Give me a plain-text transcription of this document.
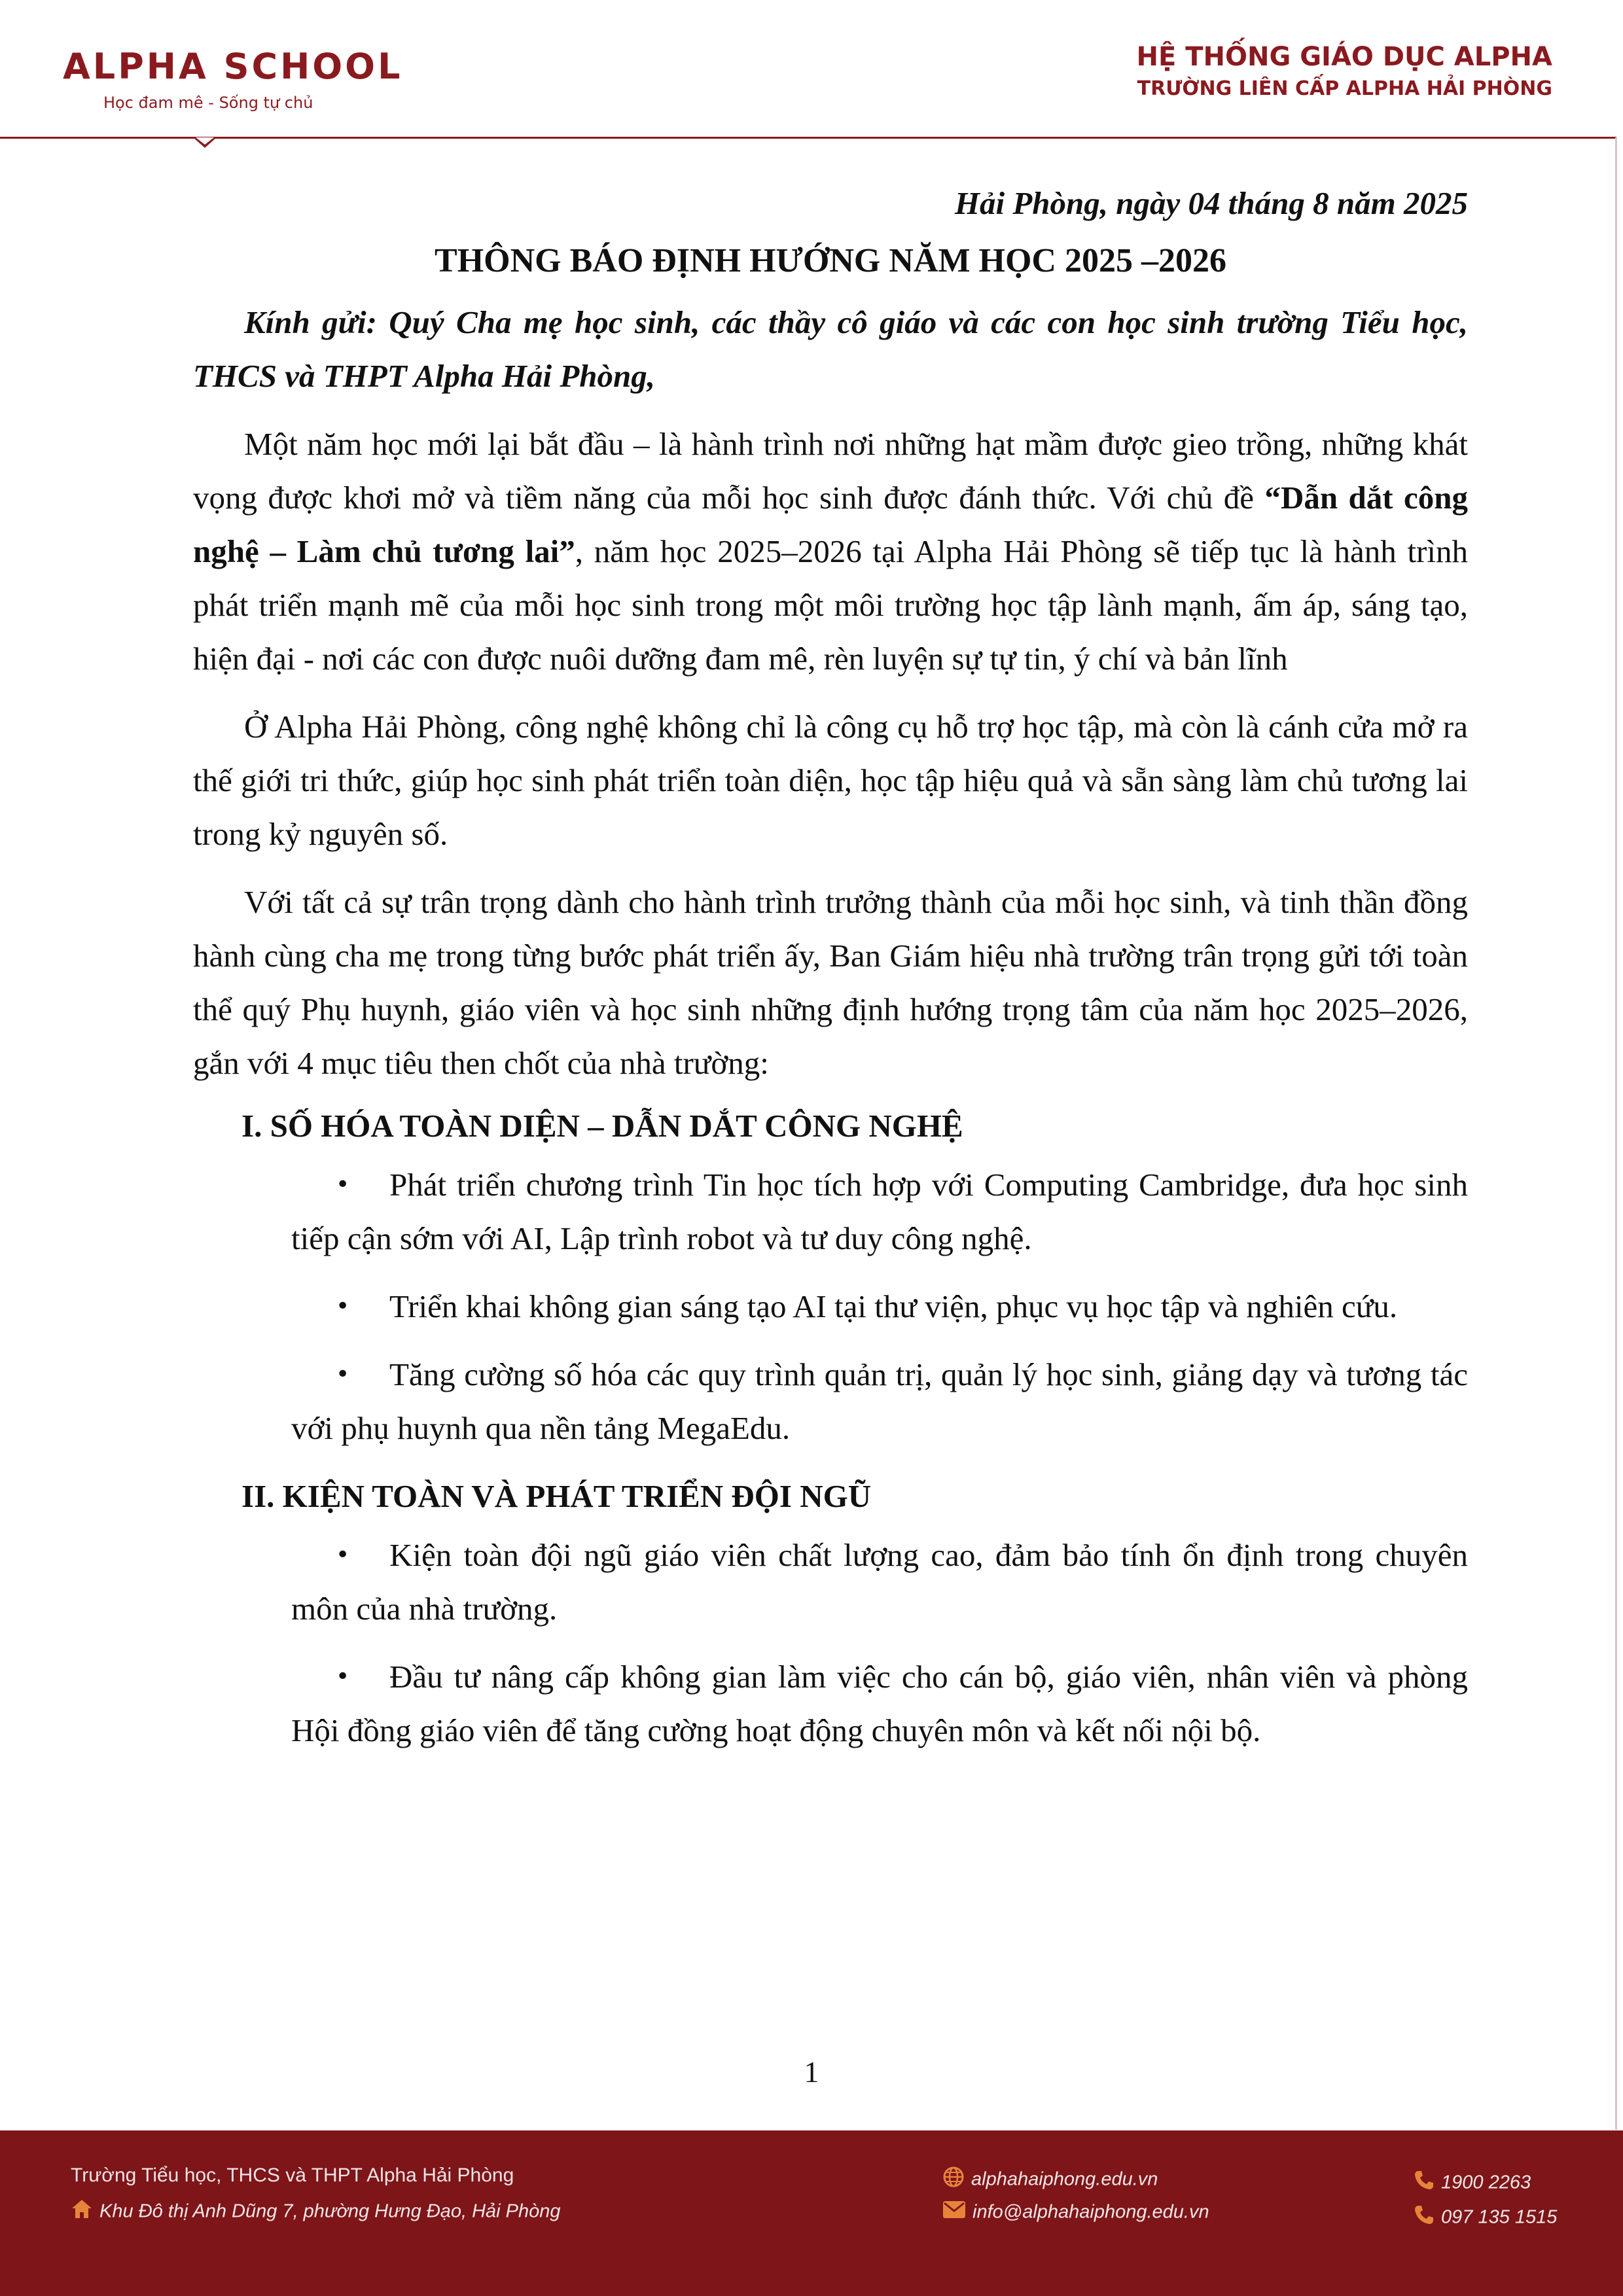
ALPHA SCHOOL
Học đam mê - Sống tự chủ
HỆ THỐNG GIÁO DỤC ALPHA
TRƯỜNG LIÊN CẤP ALPHA HẢI PHÒNG
Hải Phòng, ngày 04 tháng 8 năm 2025
THÔNG BÁO ĐỊNH HƯỚNG NĂM HỌC 2025 –2026
Kính gửi: Quý Cha mẹ học sinh, các thầy cô giáo và các con học sinh trường Tiểu học, THCS và THPT Alpha Hải Phòng,

Một năm học mới lại bắt đầu – là hành trình nơi những hạt mầm được gieo trồng, những khát vọng được khơi mở và tiềm năng của mỗi học sinh được đánh thức. Với chủ đề “Dẫn dắt công nghệ – Làm chủ tương lai”, năm học 2025–2026 tại Alpha Hải Phòng sẽ tiếp tục là hành trình phát triển mạnh mẽ của mỗi học sinh trong một môi trường học tập lành mạnh, ấm áp, sáng tạo, hiện đại - nơi các con được nuôi dưỡng đam mê, rèn luyện sự tự tin, ý chí và bản lĩnh

Ở Alpha Hải Phòng, công nghệ không chỉ là công cụ hỗ trợ học tập, mà còn là cánh cửa mở ra thế giới tri thức, giúp học sinh phát triển toàn diện, học tập hiệu quả và sẵn sàng làm chủ tương lai trong kỷ nguyên số.

Với tất cả sự trân trọng dành cho hành trình trưởng thành của mỗi học sinh, và tinh thần đồng hành cùng cha mẹ trong từng bước phát triển ấy, Ban Giám hiệu nhà trường trân trọng gửi tới toàn thể quý Phụ huynh, giáo viên và học sinh những định hướng trọng tâm của năm học 2025–2026, gắn với 4 mục tiêu then chốt của nhà trường:

I. SỐ HÓA TOÀN DIỆN – DẪN DẮT CÔNG NGHỆ
• Phát triển chương trình Tin học tích hợp với Computing Cambridge, đưa học sinh tiếp cận sớm với AI, Lập trình robot và tư duy công nghệ.
• Triển khai không gian sáng tạo AI tại thư viện, phục vụ học tập và nghiên cứu.
• Tăng cường số hóa các quy trình quản trị, quản lý học sinh, giảng dạy và tương tác với phụ huynh qua nền tảng MegaEdu.
II. KIỆN TOÀN VÀ PHÁT TRIỂN ĐỘI NGŨ
• Kiện toàn đội ngũ giáo viên chất lượng cao, đảm bảo tính ổn định trong chuyên môn của nhà trường.
• Đầu tư nâng cấp không gian làm việc cho cán bộ, giáo viên, nhân viên và phòng Hội đồng giáo viên để tăng cường hoạt động chuyên môn và kết nối nội bộ.
1
Trường Tiểu học, THCS và THPT Alpha Hải Phòng
Khu Đô thị Anh Dũng 7, phường Hưng Đạo, Hải Phòng
alphahaiphong.edu.vn
info@alphahaiphong.edu.vn
1900 2263
097 135 1515
